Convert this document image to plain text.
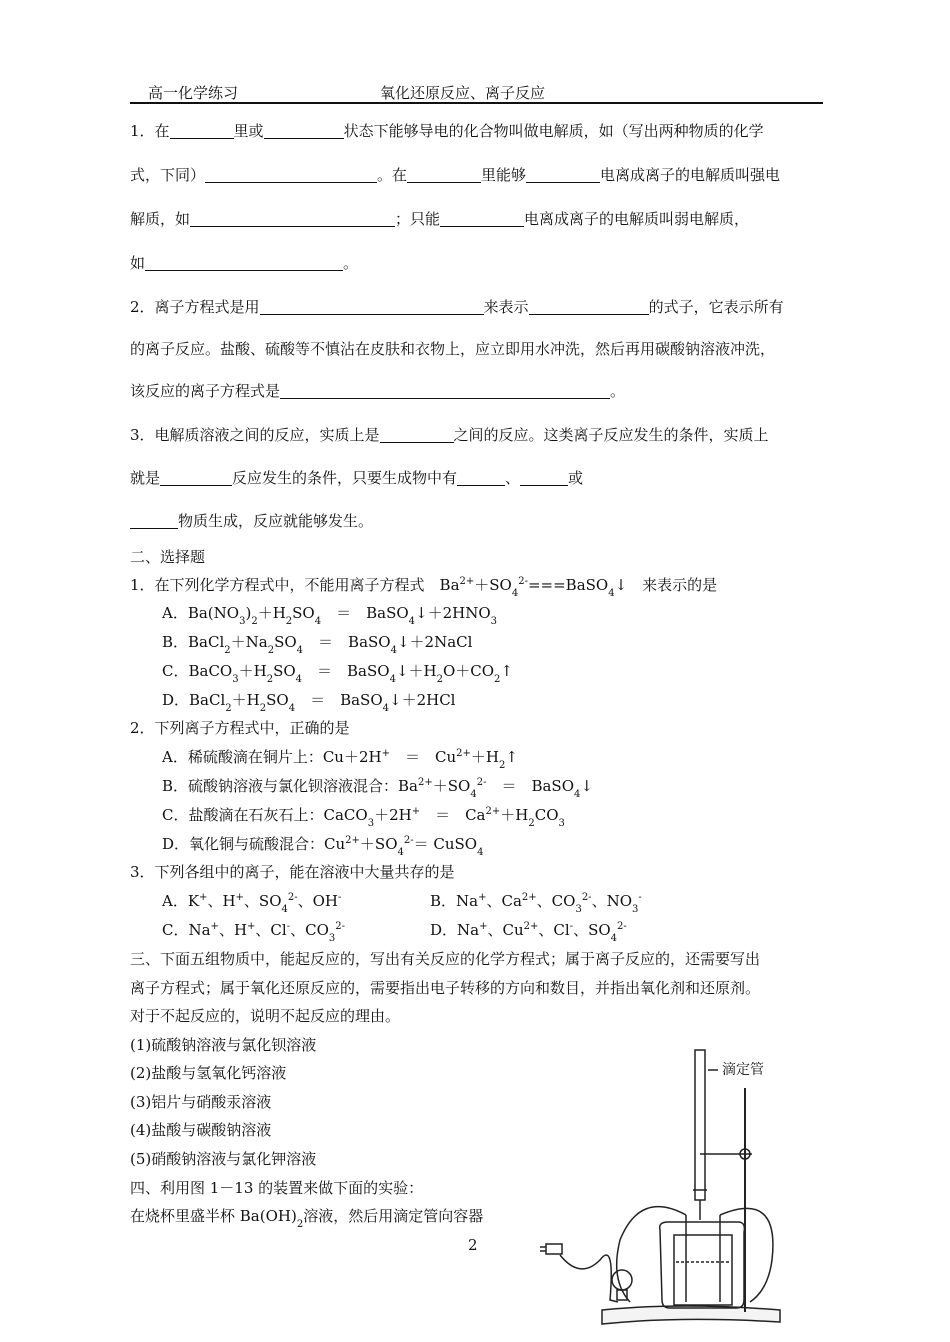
高一化学练习	氧化还原反应、离子反应
1．在	里或	状态下能够导电的化合物叫做电解质，如（写出两种物质的化学
式，下同）	。在	里能够	电离成离子的电解质叫强电
解质，如	；只能	电离成离子的电解质叫弱电解质，
如	。
2．离子方程式是用	来表示	的式子，它表示所有
的离子反应。盐酸、硫酸等不慎沾在皮肤和衣物上，应立即用水冲洗，然后再用碳酸钠溶液冲洗，
该反应的离子方程式是	。
3．电解质溶液之间的反应，实质上是	之间的反应。这类离子反应发生的条件，实质上
就是	反应发生的条件，只要生成物中有	、	或
物质生成，反应就能够发生。
二、选择题
1．在下列化学方程式中，不能用离子方程式　$Ba^{2+}+SO_4^{2-}===BaSO_4↓$　来表示的是
A．$Ba(NO_3)_2+H_2SO_4$　＝　$BaSO_4↓+2HNO_3$
B．$BaCl_2+Na_2SO_4$　＝　BaSO$_4$↓＋2NaCl
C．$BaCO_3+H_2SO_4$　＝　$BaSO_4↓+H_2O+CO_2↑$
D．$BaCl_2+H_2SO_4$　＝　BaSO$_4$↓＋2HCl
2．下列离子方程式中，正确的是
A．稀硫酸滴在铜片上：Cu＋2H+　＝　$Cu^{2+}+H_2↑$
B．硫酸钠溶液与氯化钡溶液混合：$Ba^{2+}+SO_4^{2-}$　＝　BaSO$_4$↓
C．盐酸滴在石灰石上：CaCO$_3$＋2H+　＝　$Ca^{2+}+H_2CO_3$
D．氧化铜与硫酸混合：$Cu^{2+}+SO_4^{2-}=$ CuSO$_4$
3．下列各组中的离子，能在溶液中大量共存的是
A．K+、H+、$SO_4^{2-}$、OH-	B．Na+、$Ca^{2+}$、$CO_3^{2-}$、$NO_3^-$
C．Na+、H+、Cl-、$CO_3^{2-}$	D．Na+、$Cu^{2+}$、Cl-、$SO_4^{2-}$
三、下面五组物质中，能起反应的，写出有关反应的化学方程式；属于离子反应的，还需要写出
离子方程式；属于氧化还原反应的，需要指出电子转移的方向和数目，并指出氧化剂和还原剂。
对于不起反应的，说明不起反应的理由。
(1)硫酸钠溶液与氯化钡溶液
(2)盐酸与氢氧化钙溶液
(3)铝片与硝酸汞溶液
(4)盐酸与碳酸钠溶液
(5)硝酸钠溶液与氯化钾溶液
四、利用图 1－13 的装置来做下面的实验：
在烧杯里盛半杯 $Ba(OH)_2$溶液，然后用滴定管向容器
滴定管
2
